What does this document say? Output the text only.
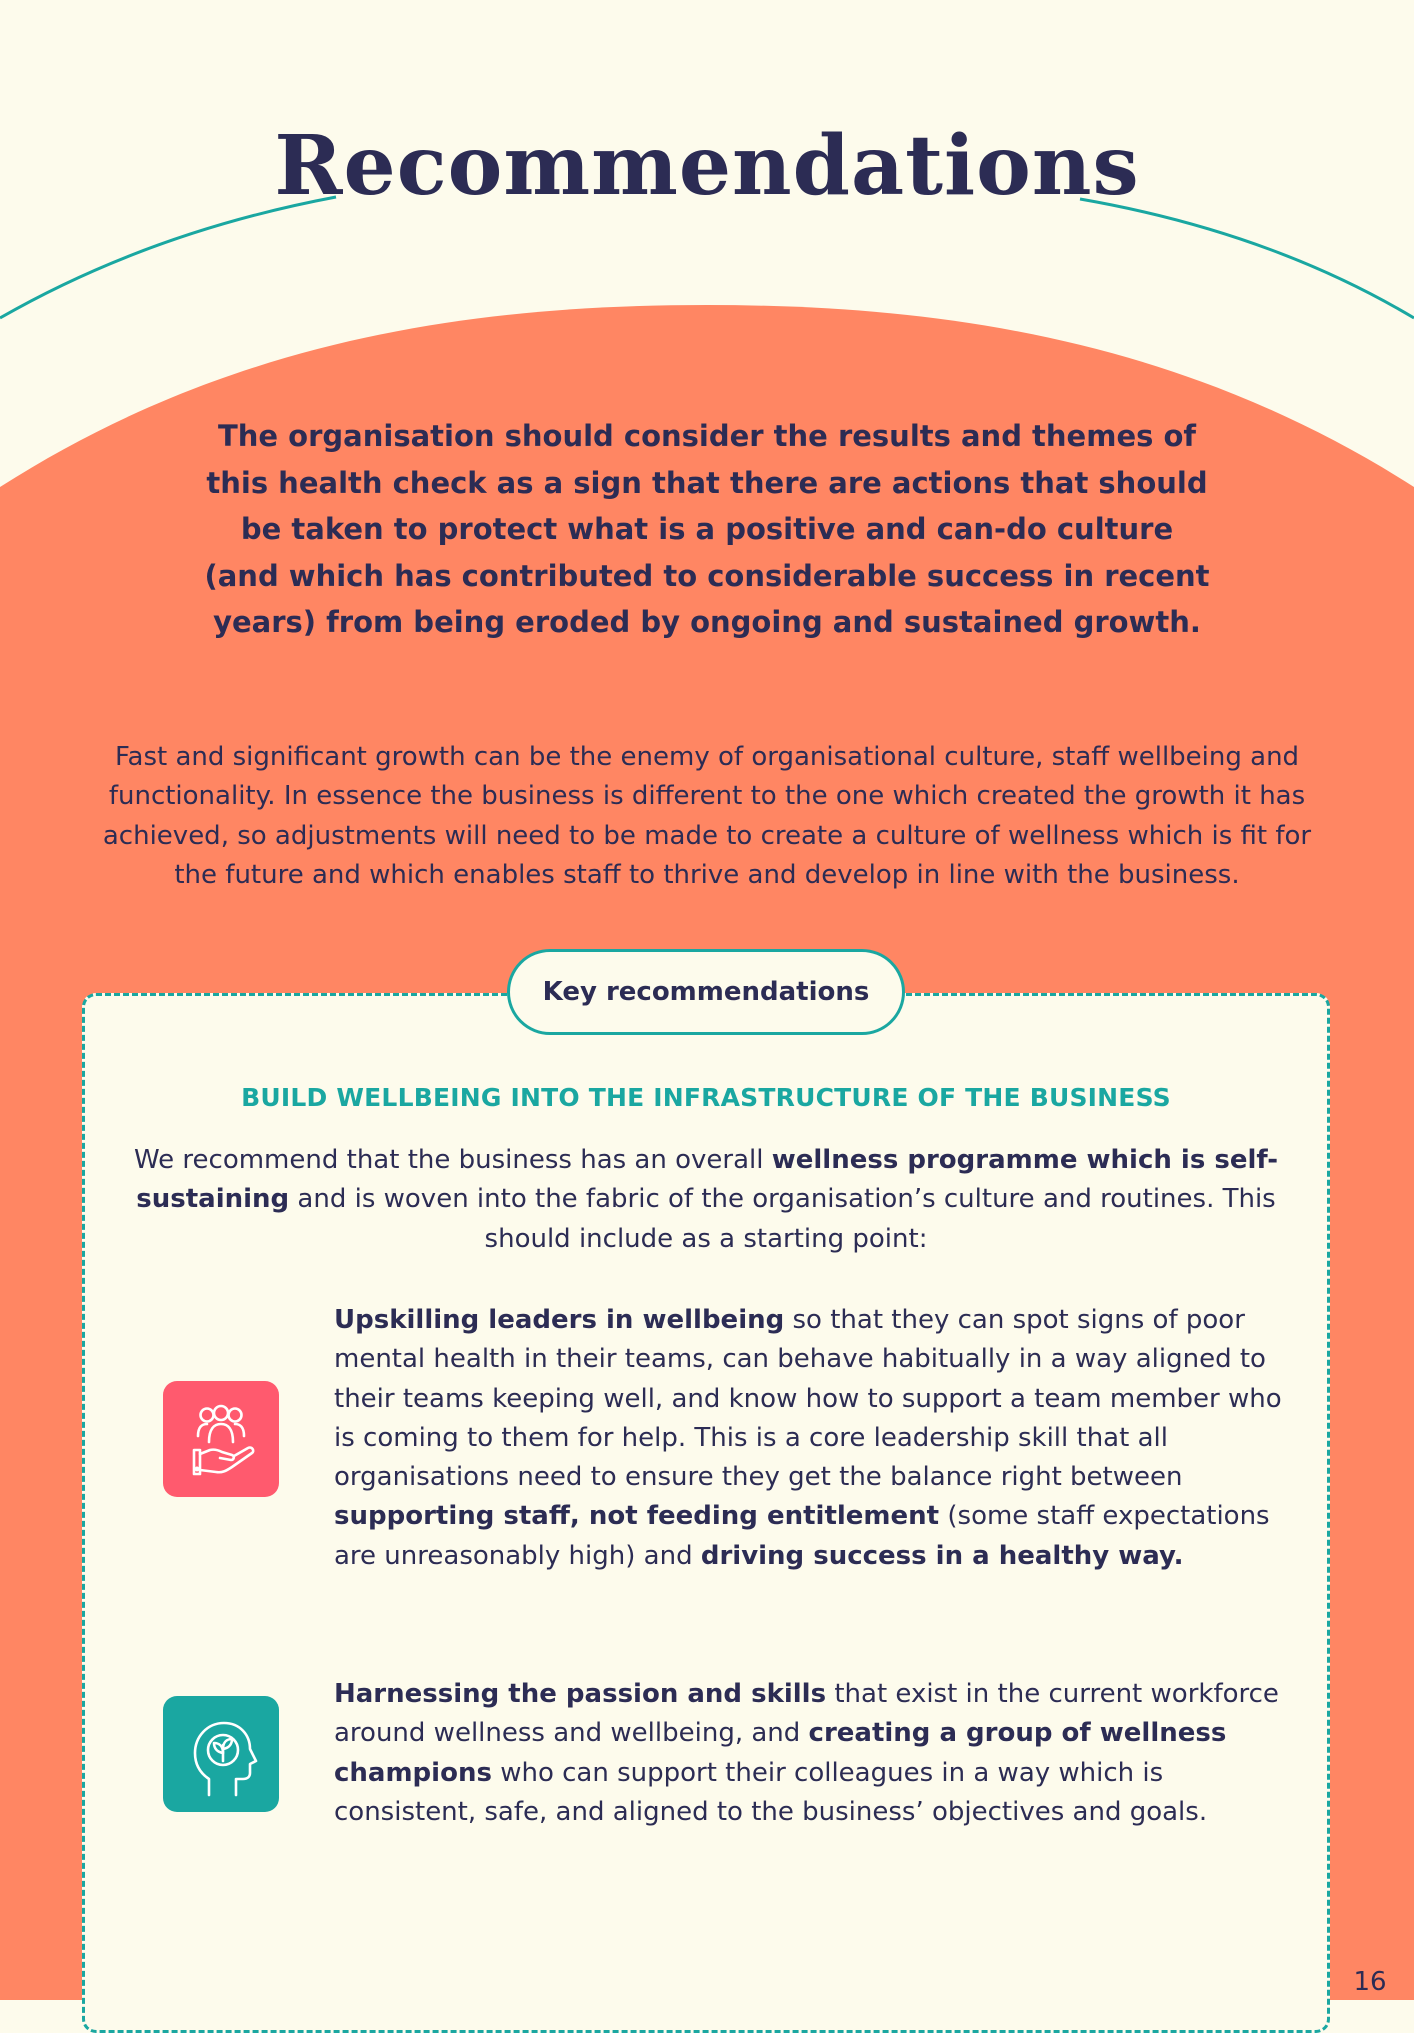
Recommendations

The organisation should consider the results and themes of this health check as a sign that there are actions that should be taken to protect what is a positive and can-do culture (and which has contributed to considerable success in recent years) from being eroded by ongoing and sustained growth.

Fast and significant growth can be the enemy of organisational culture, staff wellbeing and functionality. In essence the business is different to the one which created the growth it has achieved, so adjustments will need to be made to create a culture of wellness which is fit for the future and which enables staff to thrive and develop in line with the business.

Key recommendations
BUILD WELLBEING INTO THE INFRASTRUCTURE OF THE BUSINESS

We recommend that the business has an overall wellness programme which is self-sustaining and is woven into the fabric of the organisation’s culture and routines. This should include as a starting point:

Upskilling leaders in wellbeing so that they can spot signs of poor mental health in their teams, can behave habitually in a way aligned to their teams keeping well, and know how to support a team member who is coming to them for help. This is a core leadership skill that all organisations need to ensure they get the balance right between supporting staff, not feeding entitlement (some staff expectations are unreasonably high) and driving success in a healthy way.

Harnessing the passion and skills that exist in the current workforce around wellness and wellbeing, and creating a group of wellness champions who can support their colleagues in a way which is consistent, safe, and aligned to the business’ objectives and goals.

16
